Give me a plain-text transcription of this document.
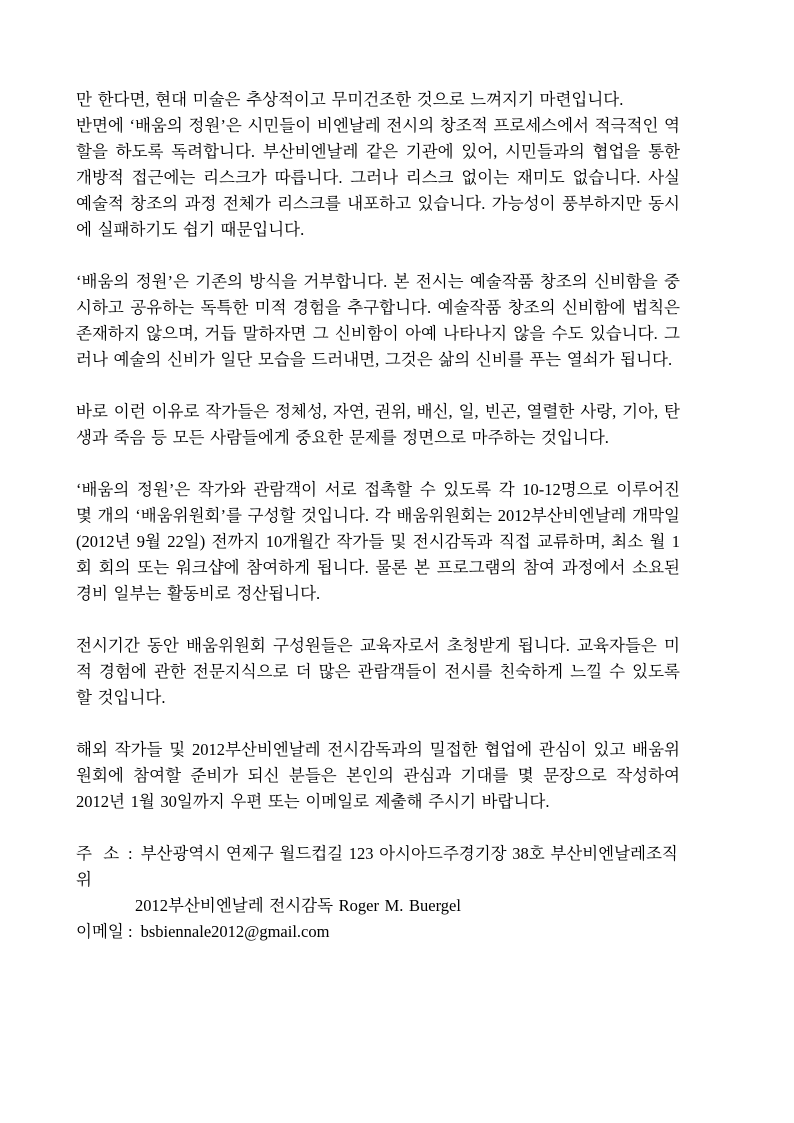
만 한다면, 현대 미술은 추상적이고 무미건조한 것으로 느껴지기 마련입니다.

반면에 ‘배움의 정원’은 시민들이 비엔날레 전시의 창조적 프로세스에서 적극적인 역할을 하도록 독려합니다. 부산비엔날레 같은 기관에 있어, 시민들과의 협업을 통한 개방적 접근에는 리스크가 따릅니다. 그러나 리스크 없이는 재미도 없습니다. 사실 예술적 창조의 과정 전체가 리스크를 내포하고 있습니다. 가능성이 풍부하지만 동시에 실패하기도 쉽기 때문입니다.

‘배움의 정원’은 기존의 방식을 거부합니다. 본 전시는 예술작품 창조의 신비함을 중시하고 공유하는 독특한 미적 경험을 추구합니다. 예술작품 창조의 신비함에 법칙은 존재하지 않으며, 거듭 말하자면 그 신비함이 아예 나타나지 않을 수도 있습니다. 그러나 예술의 신비가 일단 모습을 드러내면, 그것은 삶의 신비를 푸는 열쇠가 됩니다.

바로 이런 이유로 작가들은 정체성, 자연, 권위, 배신, 일, 빈곤, 열렬한 사랑, 기아, 탄생과 죽음 등 모든 사람들에게 중요한 문제를 정면으로 마주하는 것입니다.

‘배움의 정원’은 작가와 관람객이 서로 접촉할 수 있도록 각 10-12명으로 이루어진 몇 개의 ‘배움위원회’를 구성할 것입니다. 각 배움위원회는 2012부산비엔날레 개막일(2012년 9월 22일) 전까지 10개월간 작가들 및 전시감독과 직접 교류하며, 최소 월 1회 회의 또는 워크샵에 참여하게 됩니다. 물론 본 프로그램의 참여 과정에서 소요된 경비 일부는 활동비로 정산됩니다.

전시기간 동안 배움위원회 구성원들은 교육자로서 초청받게 됩니다. 교육자들은 미적 경험에 관한 전문지식으로 더 많은 관람객들이 전시를 친숙하게 느낄 수 있도록 할 것입니다.

해외 작가들 및 2012부산비엔날레 전시감독과의 밀접한 협업에 관심이 있고 배움위원회에 참여할 준비가 되신 분들은 본인의 관심과 기대를 몇 문장으로 작성하여 2012년 1월 30일까지 우편 또는 이메일로 제출해 주시기 바랍니다.

주  소 : 부산광역시 연제구 월드컵길 123 아시아드주경기장 38호 부산비엔날레조직위
2012부산비엔날레 전시감독 Roger M. Buergel
이메일 : bsbiennale2012@gmail.com
